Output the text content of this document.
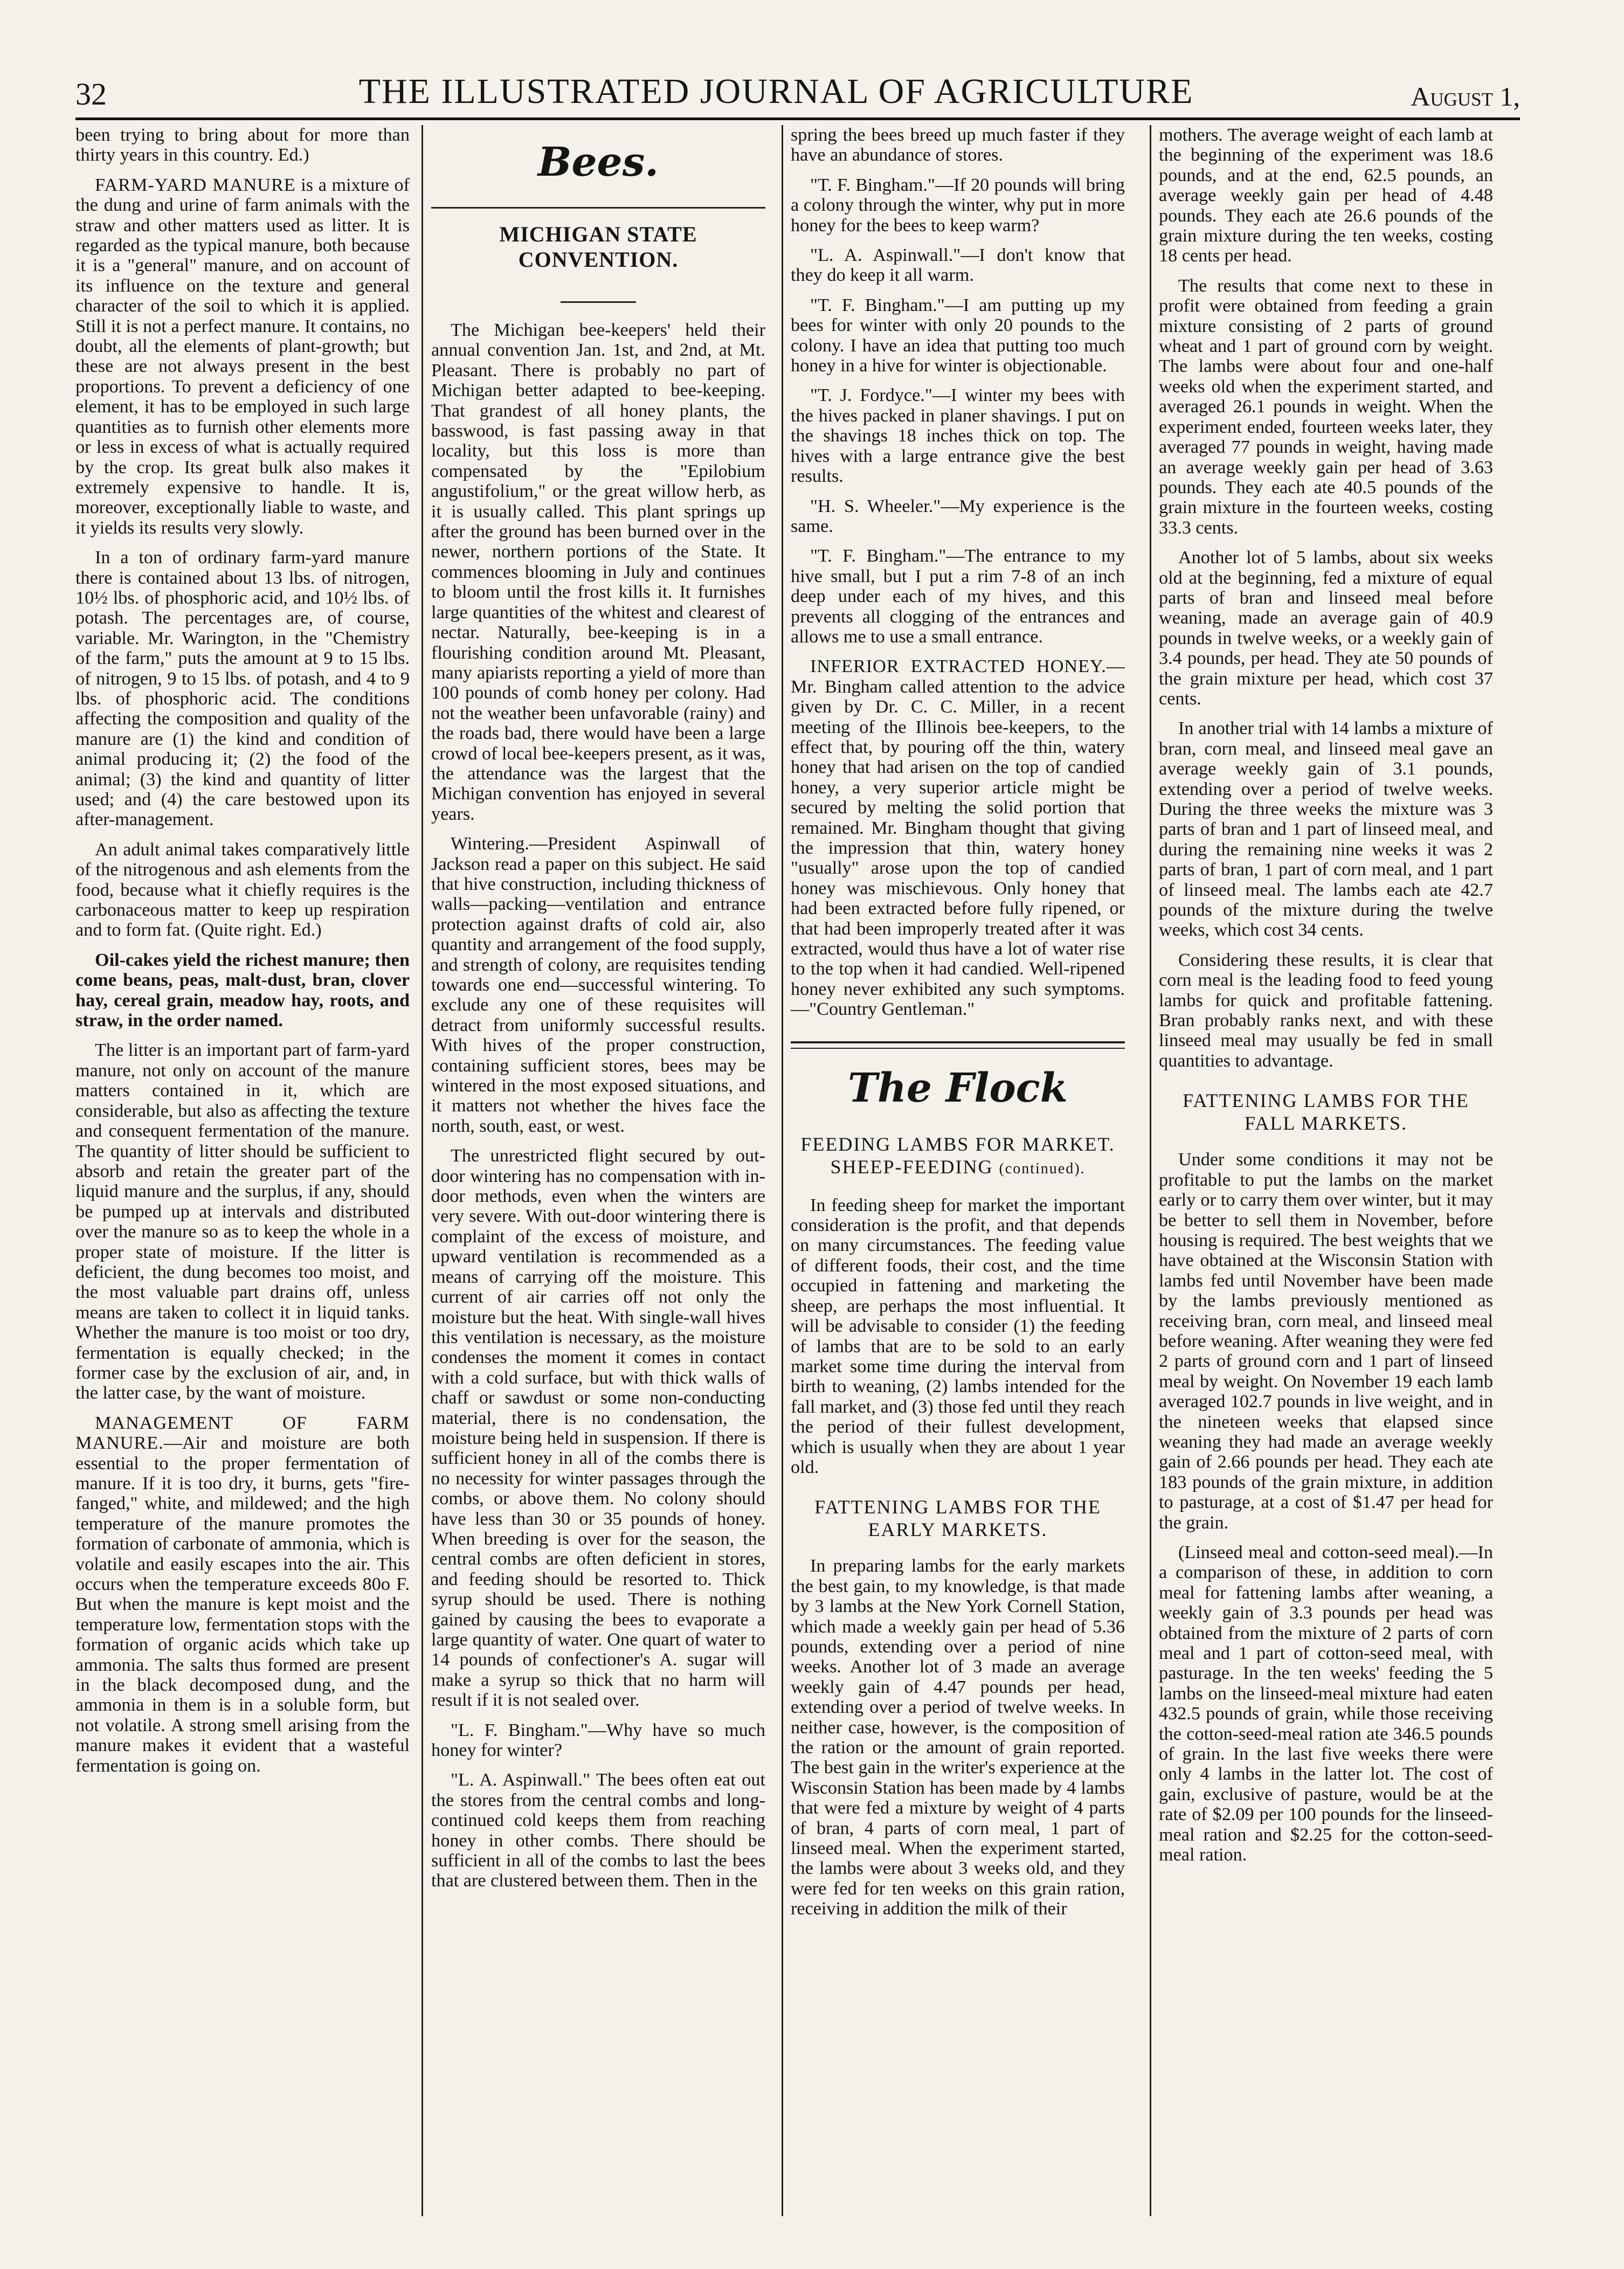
32	THE ILLUSTRATED JOURNAL OF AGRICULTURE	August 1,

been trying to bring about for more than thirty years in this country. Ed.)

FARM-YARD MANURE is a mixture of the dung and urine of farm animals with the straw and other matters used as litter. It is regarded as the typical manure, both because it is a "general" manure, and on account of its influence on the texture and general character of the soil to which it is applied. Still it is not a perfect manure. It contains, no doubt, all the elements of plant-growth; but these are not always present in the best proportions. To prevent a deficiency of one element, it has to be employed in such large quantities as to furnish other elements more or less in excess of what is actually required by the crop. Its great bulk also makes it extremely expensive to handle. It is, moreover, exceptionally liable to waste, and it yields its results very slowly.

In a ton of ordinary farm-yard manure there is contained about 13 lbs. of nitrogen, 10½ lbs. of phosphoric acid, and 10½ lbs. of potash. The percentages are, of course, variable. Mr. Warington, in the "Chemistry of the farm," puts the amount at 9 to 15 lbs. of nitrogen, 9 to 15 lbs. of potash, and 4 to 9 lbs. of phosphoric acid. The conditions affecting the composition and quality of the manure are (1) the kind and condition of animal producing it; (2) the food of the animal; (3) the kind and quantity of litter used; and (4) the care bestowed upon its after-management.

An adult animal takes comparatively little of the nitrogenous and ash elements from the food, because what it chiefly requires is the carbonaceous matter to keep up respiration and to form fat. (Quite right. Ed.)

Oil-cakes yield the richest manure; then come beans, peas, malt-dust, bran, clover hay, cereal grain, meadow hay, roots, and straw, in the order named.

The litter is an important part of farm-yard manure, not only on account of the manure matters contained in it, which are considerable, but also as affecting the texture and consequent fermentation of the manure. The quantity of litter should be sufficient to absorb and retain the greater part of the liquid manure and the surplus, if any, should be pumped up at intervals and distributed over the manure so as to keep the whole in a proper state of moisture. If the litter is deficient, the dung becomes too moist, and the most valuable part drains off, unless means are taken to collect it in liquid tanks. Whether the manure is too moist or too dry, fermentation is equally checked; in the former case by the exclusion of air, and, in the latter case, by the want of moisture.

MANAGEMENT OF FARM MANURE.—Air and moisture are both essential to the proper fermentation of manure. If it is too dry, it burns, gets "fire-fanged," white, and mildewed; and the high temperature of the manure promotes the formation of carbonate of ammonia, which is volatile and easily escapes into the air. This occurs when the temperature exceeds 80o F. But when the manure is kept moist and the temperature low, fermentation stops with the formation of organic acids which take up ammonia. The salts thus formed are present in the black decomposed dung, and the ammonia in them is in a soluble form, but not volatile. A strong smell arising from the manure makes it evident that a wasteful fermentation is going on.

Bees.
MICHIGAN STATE CONVENTION.

The Michigan bee-keepers' held their annual convention Jan. 1st, and 2nd, at Mt. Pleasant. There is probably no part of Michigan better adapted to bee-keeping. That grandest of all honey plants, the basswood, is fast passing away in that locality, but this loss is more than compensated by the "Epilobium angustifolium," or the great willow herb, as it is usually called. This plant springs up after the ground has been burned over in the newer, northern portions of the State. It commences blooming in July and continues to bloom until the frost kills it. It furnishes large quantities of the whitest and clearest of nectar. Naturally, bee-keeping is in a flourishing condition around Mt. Pleasant, many apiarists reporting a yield of more than 100 pounds of comb honey per colony. Had not the weather been unfavorable (rainy) and the roads bad, there would have been a large crowd of local bee-keepers present, as it was, the attendance was the largest that the Michigan convention has enjoyed in several years.

Wintering.—President Aspinwall of Jackson read a paper on this subject. He said that hive construction, including thickness of walls—packing—ventilation and entrance protection against drafts of cold air, also quantity and arrangement of the food supply, and strength of colony, are requisites tending towards one end—successful wintering. To exclude any one of these requisites will detract from uniformly successful results. With hives of the proper construction, containing sufficient stores, bees may be wintered in the most exposed situations, and it matters not whether the hives face the north, south, east, or west.

The unrestricted flight secured by out-door wintering has no compensation with in-door methods, even when the winters are very severe. With out-door wintering there is complaint of the excess of moisture, and upward ventilation is recommended as a means of carrying off the moisture. This current of air carries off not only the moisture but the heat. With single-wall hives this ventilation is necessary, as the moisture condenses the moment it comes in contact with a cold surface, but with thick walls of chaff or sawdust or some non-conducting material, there is no condensation, the moisture being held in suspension. If there is sufficient honey in all of the combs there is no necessity for winter passages through the combs, or above them. No colony should have less than 30 or 35 pounds of honey. When breeding is over for the season, the central combs are often deficient in stores, and feeding should be resorted to. Thick syrup should be used. There is nothing gained by causing the bees to evaporate a large quantity of water. One quart of water to 14 pounds of confectioner's A. sugar will make a syrup so thick that no harm will result if it is not sealed over.

"L. F. Bingham."—Why have so much honey for winter?

"L. A. Aspinwall." The bees often eat out the stores from the central combs and long-continued cold keeps them from reaching honey in other combs. There should be sufficient in all of the combs to last the bees that are clustered between them. Then in the

spring the bees breed up much faster if they have an abundance of stores.

"T. F. Bingham."—If 20 pounds will bring a colony through the winter, why put in more honey for the bees to keep warm?

"L. A. Aspinwall."—I don't know that they do keep it all warm.

"T. F. Bingham."—I am putting up my bees for winter with only 20 pounds to the colony. I have an idea that putting too much honey in a hive for winter is objectionable.

"T. J. Fordyce."—I winter my bees with the hives packed in planer shavings. I put on the shavings 18 inches thick on top. The hives with a large entrance give the best results.

"H. S. Wheeler."—My experience is the same.

"T. F. Bingham."—The entrance to my hive small, but I put a rim 7-8 of an inch deep under each of my hives, and this prevents all clogging of the entrances and allows me to use a small entrance.

INFERIOR EXTRACTED HONEY.—Mr. Bingham called attention to the advice given by Dr. C. C. Miller, in a recent meeting of the Illinois bee-keepers, to the effect that, by pouring off the thin, watery honey that had arisen on the top of candied honey, a very superior article might be secured by melting the solid portion that remained. Mr. Bingham thought that giving the impression that thin, watery honey "usually" arose upon the top of candied honey was mischievous. Only honey that had been extracted before fully ripened, or that had been improperly treated after it was extracted, would thus have a lot of water rise to the top when it had candied. Well-ripened honey never exhibited any such symptoms.—"Country Gentleman."

The Flock
FEEDING LAMBS FOR MARKET.
SHEEP-FEEDING (continued).

In feeding sheep for market the important consideration is the profit, and that depends on many circumstances. The feeding value of different foods, their cost, and the time occupied in fattening and marketing the sheep, are perhaps the most influential. It will be advisable to consider (1) the feeding of lambs that are to be sold to an early market some time during the interval from birth to weaning, (2) lambs intended for the fall market, and (3) those fed until they reach the period of their fullest development, which is usually when they are about 1 year old.

FATTENING LAMBS FOR THE EARLY MARKETS.

In preparing lambs for the early markets the best gain, to my knowledge, is that made by 3 lambs at the New York Cornell Station, which made a weekly gain per head of 5.36 pounds, extending over a period of nine weeks. Another lot of 3 made an average weekly gain of 4.47 pounds per head, extending over a period of twelve weeks. In neither case, however, is the composition of the ration or the amount of grain reported. The best gain in the writer's experience at the Wisconsin Station has been made by 4 lambs that were fed a mixture by weight of 4 parts of bran, 4 parts of corn meal, 1 part of linseed meal. When the experiment started, the lambs were about 3 weeks old, and they were fed for ten weeks on this grain ration, receiving in addition the milk of their

mothers. The average weight of each lamb at the beginning of the experiment was 18.6 pounds, and at the end, 62.5 pounds, an average weekly gain per head of 4.48 pounds. They each ate 26.6 pounds of the grain mixture during the ten weeks, costing 18 cents per head.

The results that come next to these in profit were obtained from feeding a grain mixture consisting of 2 parts of ground wheat and 1 part of ground corn by weight. The lambs were about four and one-half weeks old when the experiment started, and averaged 26.1 pounds in weight. When the experiment ended, fourteen weeks later, they averaged 77 pounds in weight, having made an average weekly gain per head of 3.63 pounds. They each ate 40.5 pounds of the grain mixture in the fourteen weeks, costing 33.3 cents.

Another lot of 5 lambs, about six weeks old at the beginning, fed a mixture of equal parts of bran and linseed meal before weaning, made an average gain of 40.9 pounds in twelve weeks, or a weekly gain of 3.4 pounds, per head. They ate 50 pounds of the grain mixture per head, which cost 37 cents.

In another trial with 14 lambs a mixture of bran, corn meal, and linseed meal gave an average weekly gain of 3.1 pounds, extending over a period of twelve weeks. During the three weeks the mixture was 3 parts of bran and 1 part of linseed meal, and during the remaining nine weeks it was 2 parts of bran, 1 part of corn meal, and 1 part of linseed meal. The lambs each ate 42.7 pounds of the mixture during the twelve weeks, which cost 34 cents.

Considering these results, it is clear that corn meal is the leading food to feed young lambs for quick and profitable fattening. Bran probably ranks next, and with these linseed meal may usually be fed in small quantities to advantage.

FATTENING LAMBS FOR THE FALL MARKETS.

Under some conditions it may not be profitable to put the lambs on the market early or to carry them over winter, but it may be better to sell them in November, before housing is required. The best weights that we have obtained at the Wisconsin Station with lambs fed until November have been made by the lambs previously mentioned as receiving bran, corn meal, and linseed meal before weaning. After weaning they were fed 2 parts of ground corn and 1 part of linseed meal by weight. On November 19 each lamb averaged 102.7 pounds in live weight, and in the nineteen weeks that elapsed since weaning they had made an average weekly gain of 2.66 pounds per head. They each ate 183 pounds of the grain mixture, in addition to pasturage, at a cost of $1.47 per head for the grain.

(Linseed meal and cotton-seed meal).—In a comparison of these, in addition to corn meal for fattening lambs after weaning, a weekly gain of 3.3 pounds per head was obtained from the mixture of 2 parts of corn meal and 1 part of cotton-seed meal, with pasturage. In the ten weeks' feeding the 5 lambs on the linseed-meal mixture had eaten 432.5 pounds of grain, while those receiving the cotton-seed-meal ration ate 346.5 pounds of grain. In the last five weeks there were only 4 lambs in the latter lot. The cost of gain, exclusive of pasture, would be at the rate of $2.09 per 100 pounds for the linseed-meal ration and $2.25 for the cotton-seed-meal ration.
